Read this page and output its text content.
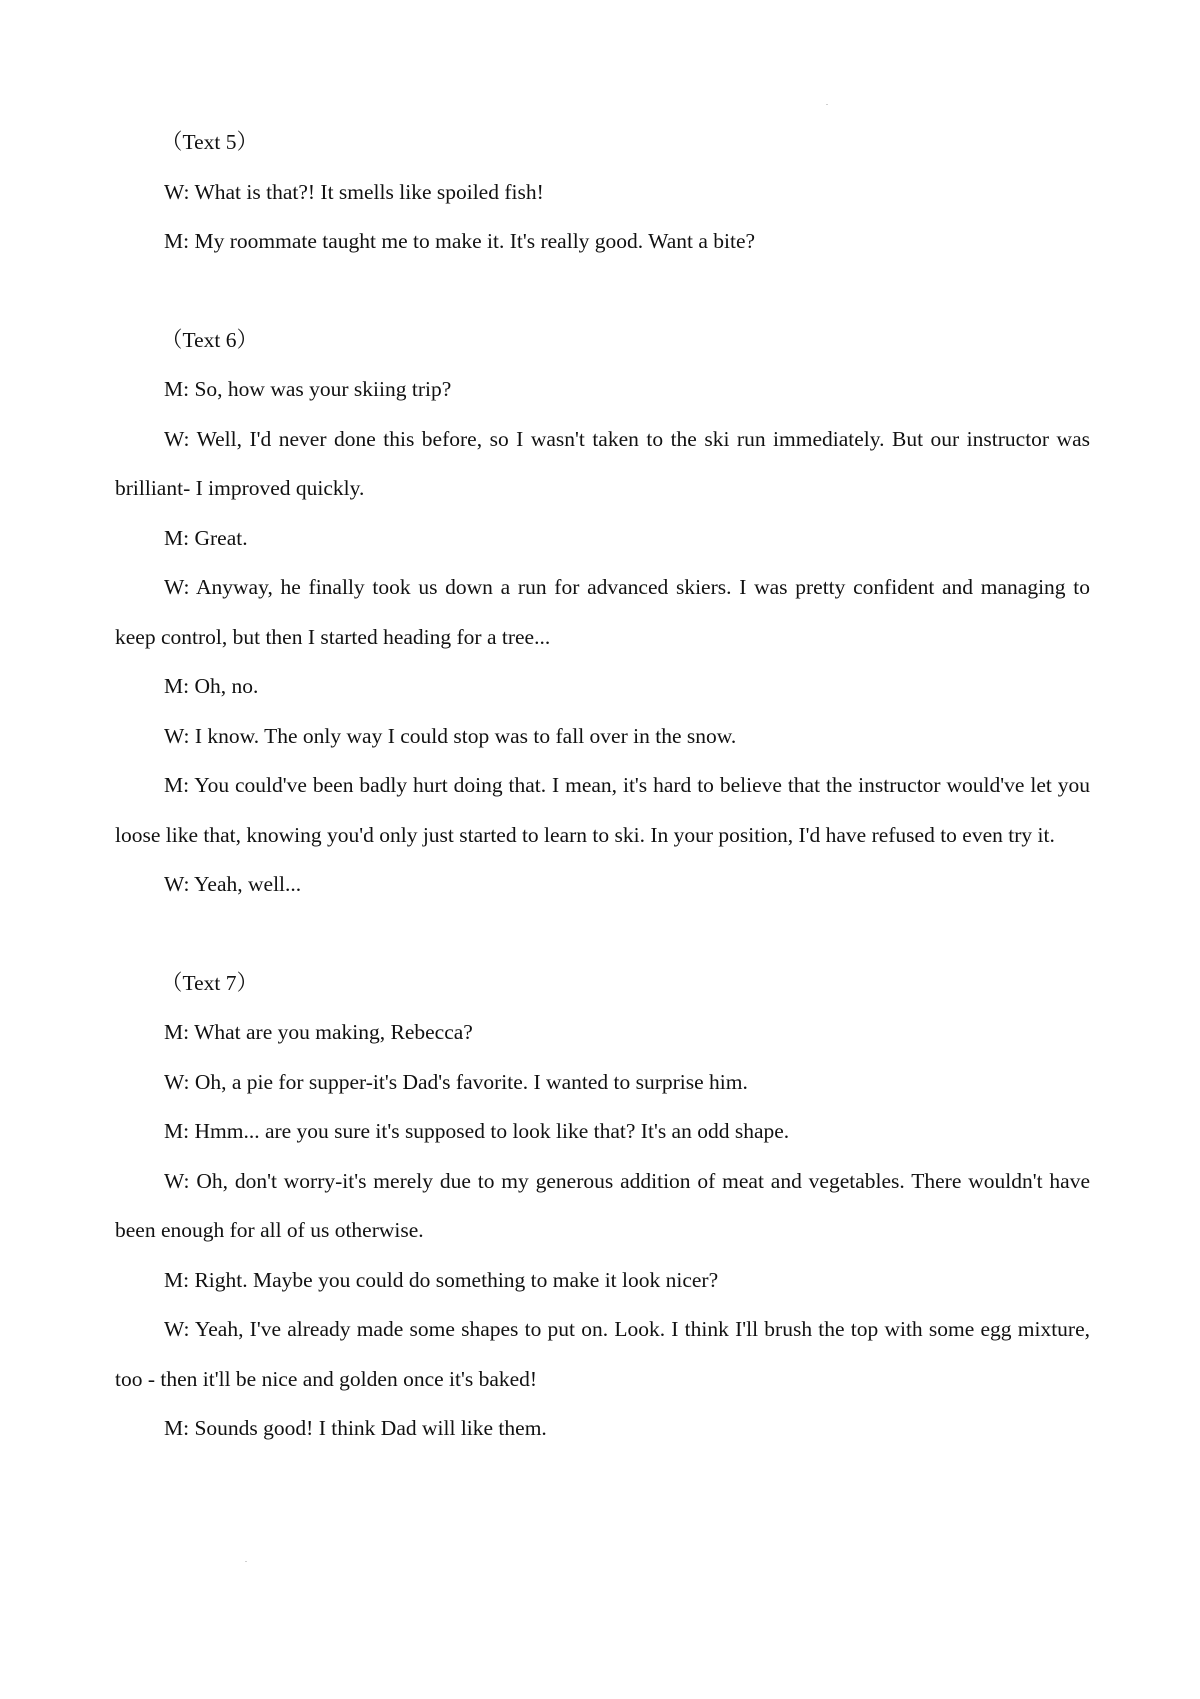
（Text 5）

W: What is that?! It smells like spoiled fish!

M: My roommate taught me to make it. It's really good. Want a bite?

（Text 6）

M: So, how was your skiing trip?

W: Well, I'd never done this before, so I wasn't taken to the ski run immediately. But our instructor was brilliant- I improved quickly.

M: Great.

W: Anyway, he finally took us down a run for advanced skiers. I was pretty confident and managing to keep control, but then I started heading for a tree...

M: Oh, no.

W: I know. The only way I could stop was to fall over in the snow.

M: You could've been badly hurt doing that. I mean, it's hard to believe that the instructor would've let you loose like that, knowing you'd only just started to learn to ski. In your position, I'd have refused to even try it.

W: Yeah, well...

（Text 7）

M: What are you making, Rebecca?

W: Oh, a pie for supper-it's Dad's favorite. I wanted to surprise him.

M: Hmm... are you sure it's supposed to look like that? It's an odd shape.

W: Oh, don't worry-it's merely due to my generous addition of meat and vegetables. There wouldn't have been enough for all of us otherwise.

M: Right. Maybe you could do something to make it look nicer?

W: Yeah, I've already made some shapes to put on. Look. I think I'll brush the top with some egg mixture, too - then it'll be nice and golden once it's baked!

M: Sounds good! I think Dad will like them.
